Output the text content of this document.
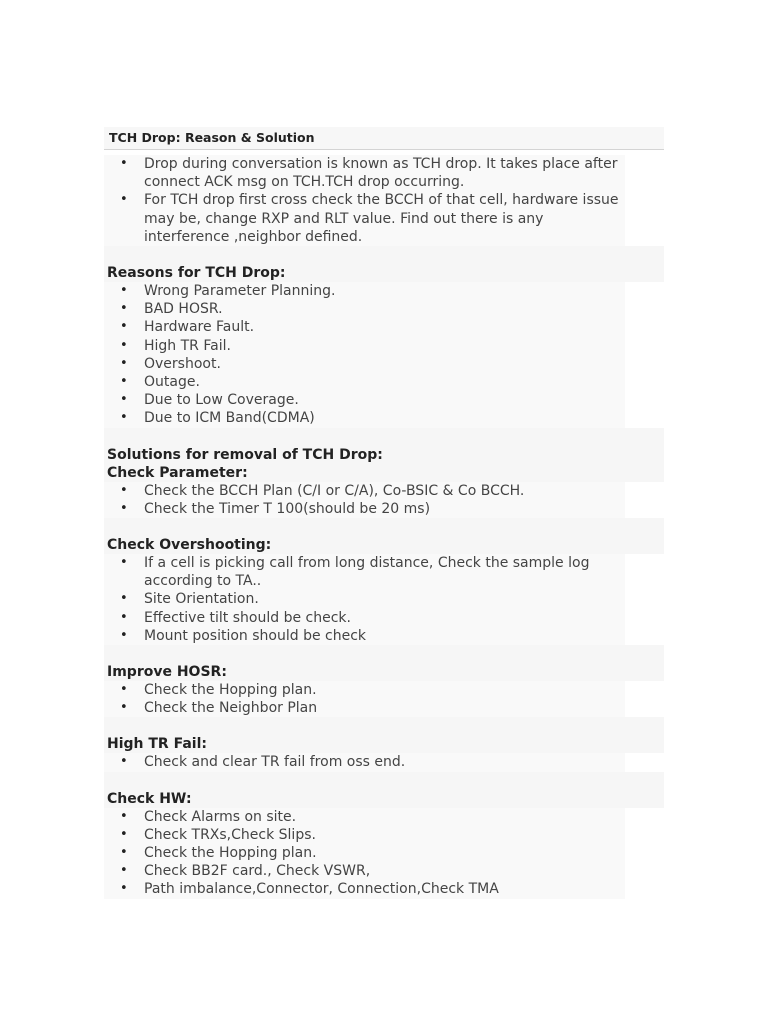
TCH Drop: Reason & Solution
• Drop during conversation is known as TCH drop. It takes place after connect ACK msg on TCH.TCH drop occurring.
• For TCH drop first cross check the BCCH of that cell, hardware issue may be, change RXP and RLT value. Find out there is any interference ,neighbor defined.
Reasons for TCH Drop:
• Wrong Parameter Planning.
• BAD HOSR.
• Hardware Fault.
• High TR Fail.
• Overshoot.
• Outage.
• Due to Low Coverage.
• Due to ICM Band(CDMA)
Solutions for removal of TCH Drop:
Check Parameter:
• Check the BCCH Plan (C/I or C/A), Co-BSIC & Co BCCH.
• Check the Timer T 100(should be 20 ms)
Check Overshooting:
• If a cell is picking call from long distance, Check the sample log according to TA..
• Site Orientation.
• Effective tilt should be check.
• Mount position should be check
Improve HOSR:
• Check the Hopping plan.
• Check the Neighbor Plan
High TR Fail:
• Check and clear TR fail from oss end.
Check HW:
• Check Alarms on site.
• Check TRXs,Check Slips.
• Check the Hopping plan.
• Check BB2F card., Check VSWR,
• Path imbalance,Connector, Connection,Check TMA
